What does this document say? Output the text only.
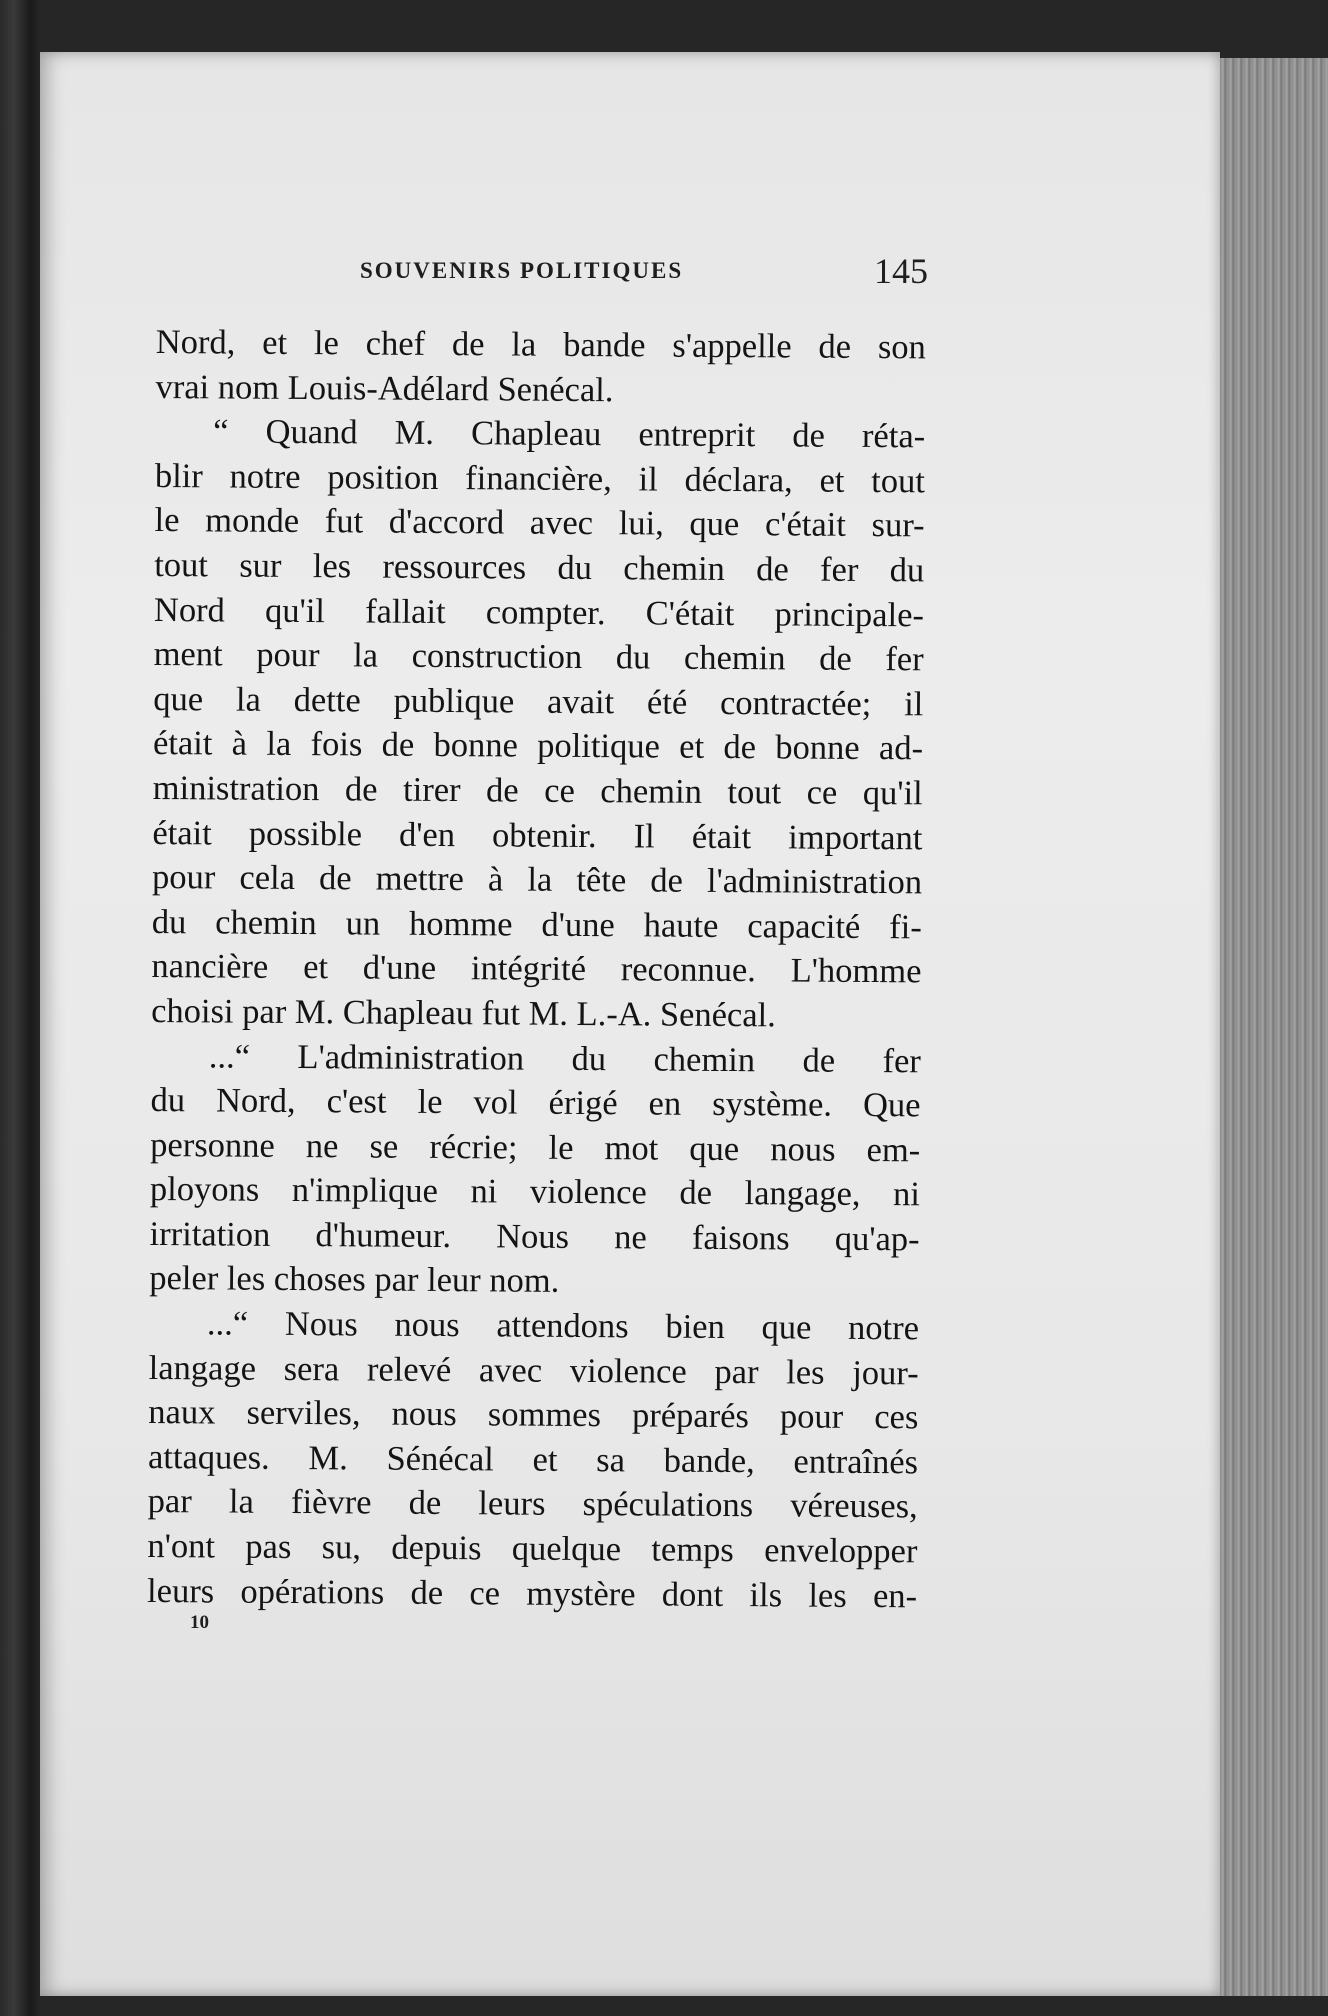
SOUVENIRS POLITIQUES	145
Nord, et le chef de la bande s'appelle de son
vrai nom Louis-Adélard Senécal.
“ Quand M. Chapleau entreprit de réta-
blir notre position financière, il déclara, et tout
le monde fut d'accord avec lui, que c'était sur-
tout sur les ressources du chemin de fer du
Nord qu'il fallait compter. C'était principale-
ment pour la construction du chemin de fer
que la dette publique avait été contractée; il
était à la fois de bonne politique et de bonne ad-
ministration de tirer de ce chemin tout ce qu'il
était possible d'en obtenir. Il était important
pour cela de mettre à la tête de l'administration
du chemin un homme d'une haute capacité fi-
nancière et d'une intégrité reconnue. L'homme
choisi par M. Chapleau fut M. L.-A. Senécal.
...“ L'administration du chemin de fer
du Nord, c'est le vol érigé en système. Que
personne ne se récrie; le mot que nous em-
ployons n'implique ni violence de langage, ni
irritation d'humeur. Nous ne faisons qu'ap-
peler les choses par leur nom.
...“ Nous nous attendons bien que notre
langage sera relevé avec violence par les jour-
naux serviles, nous sommes préparés pour ces
attaques. M. Sénécal et sa bande, entraînés
par la fièvre de leurs spéculations véreuses,
n'ont pas su, depuis quelque temps envelopper
leurs opérations de ce mystère dont ils les en-
10
